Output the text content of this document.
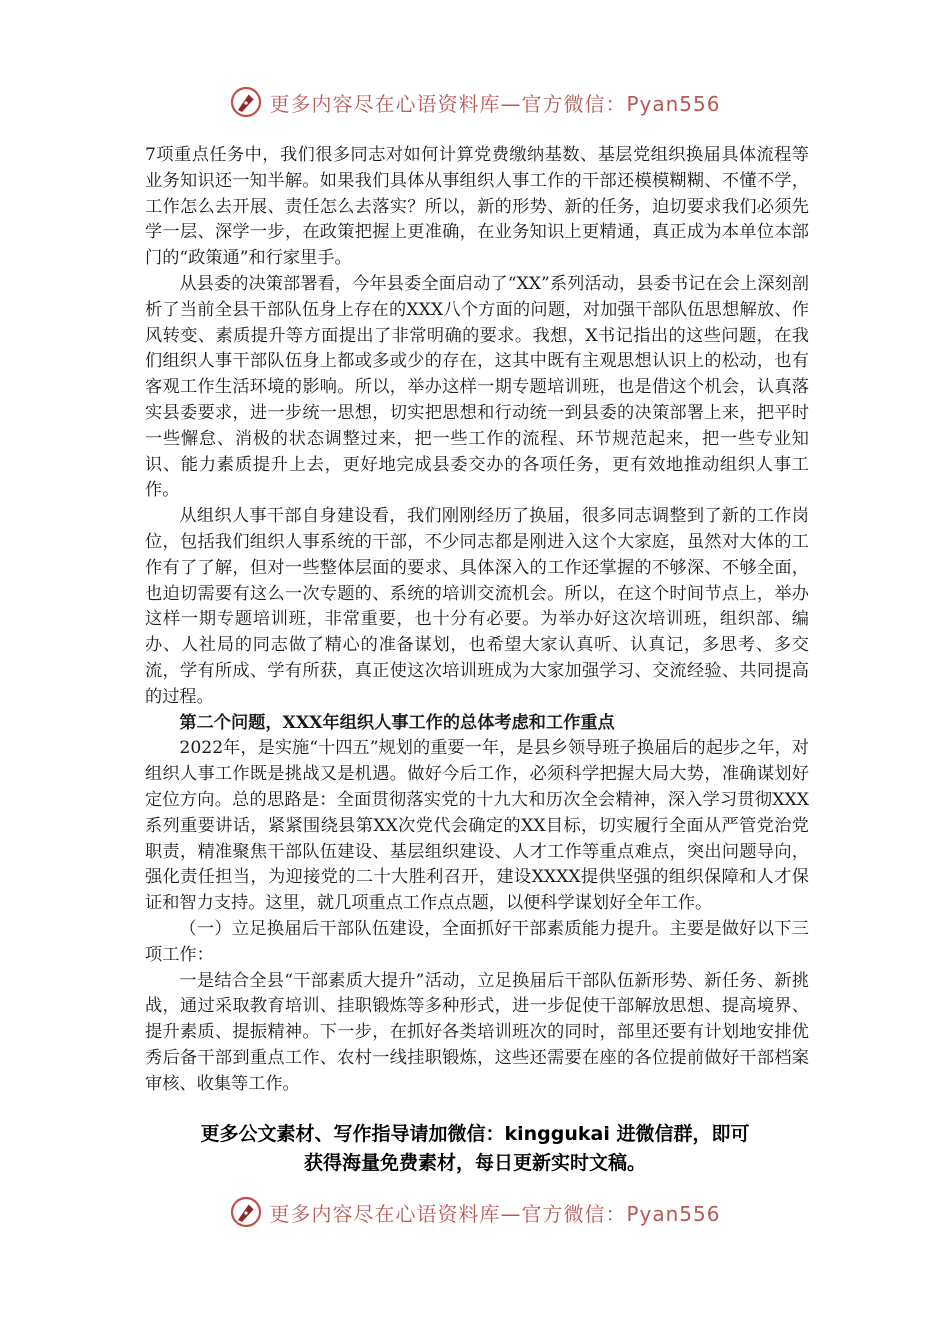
更多内容尽在心语资料库—官方微信：Pyan556

7项重点任务中，我们很多同志对如何计算党费缴纳基数、基层党组织换届具体流程等业务知识还一知半解。如果我们具体从事组织人事工作的干部还模模糊糊、不懂不学，工作怎么去开展、责任怎么去落实？所以，新的形势、新的任务，迫切要求我们必须先学一层、深学一步，在政策把握上更准确，在业务知识上更精通，真正成为本单位本部门的“政策通”和行家里手。

从县委的决策部署看，今年县委全面启动了“XX”系列活动，县委书记在会上深刻剖析了当前全县干部队伍身上存在的XXX八个方面的问题，对加强干部队伍思想解放、作风转变、素质提升等方面提出了非常明确的要求。我想，X书记指出的这些问题，在我们组织人事干部队伍身上都或多或少的存在，这其中既有主观思想认识上的松动，也有客观工作生活环境的影响。所以，举办这样一期专题培训班，也是借这个机会，认真落实县委要求，进一步统一思想，切实把思想和行动统一到县委的决策部署上来，把平时一些懈怠、消极的状态调整过来，把一些工作的流程、环节规范起来，把一些专业知识、能力素质提升上去，更好地完成县委交办的各项任务，更有效地推动组织人事工作。

从组织人事干部自身建设看，我们刚刚经历了换届，很多同志调整到了新的工作岗位，包括我们组织人事系统的干部，不少同志都是刚进入这个大家庭，虽然对大体的工作有了了解，但对一些整体层面的要求、具体深入的工作还掌握的不够深、不够全面，也迫切需要有这么一次专题的、系统的培训交流机会。所以，在这个时间节点上，举办这样一期专题培训班，非常重要，也十分有必要。为举办好这次培训班，组织部、编办、人社局的同志做了精心的准备谋划，也希望大家认真听、认真记，多思考、多交流，学有所成、学有所获，真正使这次培训班成为大家加强学习、交流经验、共同提高的过程。

第二个问题，XXX年组织人事工作的总体考虑和工作重点

2022年，是实施“十四五”规划的重要一年，是县乡领导班子换届后的起步之年，对组织人事工作既是挑战又是机遇。做好今后工作，必须科学把握大局大势，准确谋划好定位方向。总的思路是：全面贯彻落实党的十九大和历次全会精神，深入学习贯彻XXX系列重要讲话，紧紧围绕县第XX次党代会确定的XX目标，切实履行全面从严管党治党职责，精准聚焦干部队伍建设、基层组织建设、人才工作等重点难点，突出问题导向，强化责任担当，为迎接党的二十大胜利召开，建设XXXX提供坚强的组织保障和人才保证和智力支持。这里，就几项重点工作点点题，以便科学谋划好全年工作。

（一）立足换届后干部队伍建设，全面抓好干部素质能力提升。主要是做好以下三项工作：

一是结合全县“干部素质大提升”活动，立足换届后干部队伍新形势、新任务、新挑战，通过采取教育培训、挂职锻炼等多种形式，进一步促使干部解放思想、提高境界、提升素质、提振精神。下一步，在抓好各类培训班次的同时，部里还要有计划地安排优秀后备干部到重点工作、农村一线挂职锻炼，这些还需要在座的各位提前做好干部档案审核、收集等工作。

更多公文素材、写作指导请加微信：kinggukai 进微信群，即可
获得海量免费素材，每日更新实时文稿。
更多内容尽在心语资料库—官方微信：Pyan556
